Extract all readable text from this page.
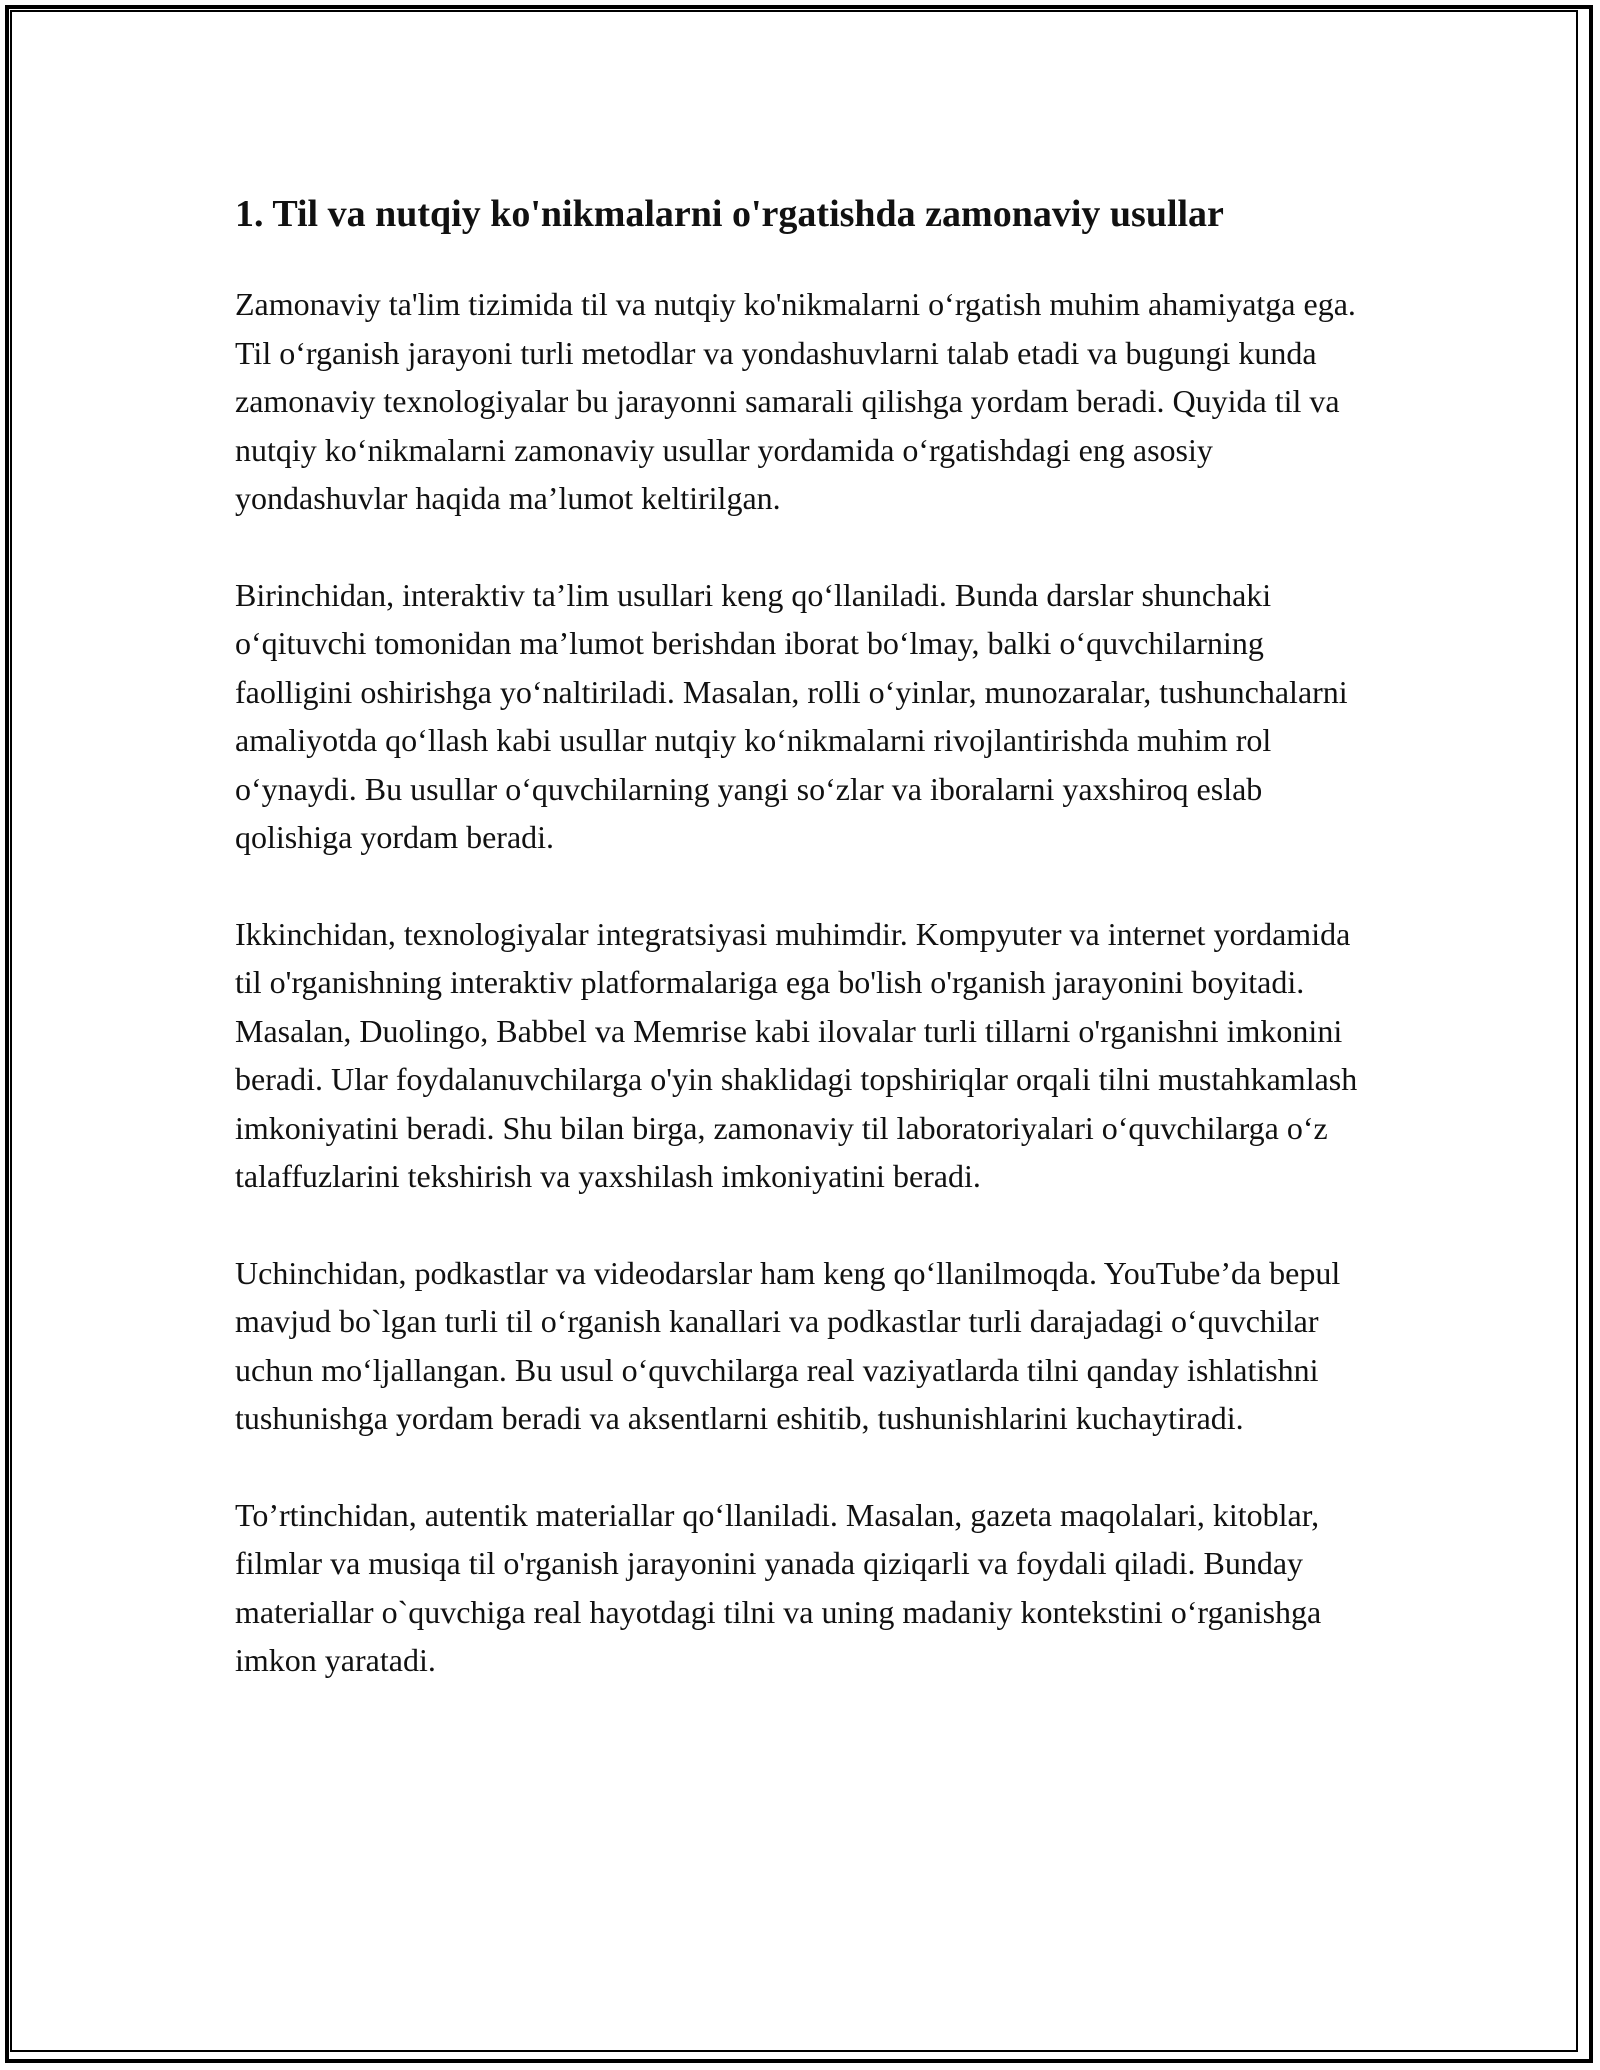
1. Til va nutqiy ko'nikmalarni o'rgatishda zamonaviy usullar

Zamonaviy ta'lim tizimida til va nutqiy ko'nikmalarni o‘rgatish muhim ahamiyatga ega. Til o‘rganish jarayoni turli metodlar va yondashuvlarni talab etadi va bugungi kunda zamonaviy texnologiyalar bu jarayonni samarali qilishga yordam beradi. Quyida til va nutqiy ko‘nikmalarni zamonaviy usullar yordamida o‘rgatishdagi eng asosiy yondashuvlar haqida ma’lumot keltirilgan.

Birinchidan, interaktiv ta’lim usullari keng qo‘llaniladi. Bunda darslar shunchaki o‘qituvchi tomonidan ma’lumot berishdan iborat bo‘lmay, balki o‘quvchilarning faolligini oshirishga yo‘naltiriladi. Masalan, rolli o‘yinlar, munozaralar, tushunchalarni amaliyotda qo‘llash kabi usullar nutqiy ko‘nikmalarni rivojlantirishda muhim rol o‘ynaydi. Bu usullar o‘quvchilarning yangi so‘zlar va iboralarni yaxshiroq eslab qolishiga yordam beradi.

Ikkinchidan, texnologiyalar integratsiyasi muhimdir. Kompyuter va internet yordamida til o'rganishning interaktiv platformalariga ega bo'lish o'rganish jarayonini boyitadi. Masalan, Duolingo, Babbel va Memrise kabi ilovalar turli tillarni o'rganishni imkonini beradi. Ular foydalanuvchilarga o'yin shaklidagi topshiriqlar orqali tilni mustahkamlash imkoniyatini beradi. Shu bilan birga, zamonaviy til laboratoriyalari o‘quvchilarga o‘z talaffuzlarini tekshirish va yaxshilash imkoniyatini beradi.

Uchinchidan, podkastlar va videodarslar ham keng qo‘llanilmoqda. YouTube’da bepul mavjud bo`lgan turli til o‘rganish kanallari va podkastlar turli darajadagi o‘quvchilar uchun mo‘ljallangan. Bu usul o‘quvchilarga real vaziyatlarda tilni qanday ishlatishni tushunishga yordam beradi va aksentlarni eshitib, tushunishlarini kuchaytiradi.

To’rtinchidan, autentik materiallar qo‘llaniladi. Masalan, gazeta maqolalari, kitoblar, filmlar va musiqa til o'rganish jarayonini yanada qiziqarli va foydali qiladi. Bunday materiallar o`quvchiga real hayotdagi tilni va uning madaniy kontekstini o‘rganishga imkon yaratadi.
